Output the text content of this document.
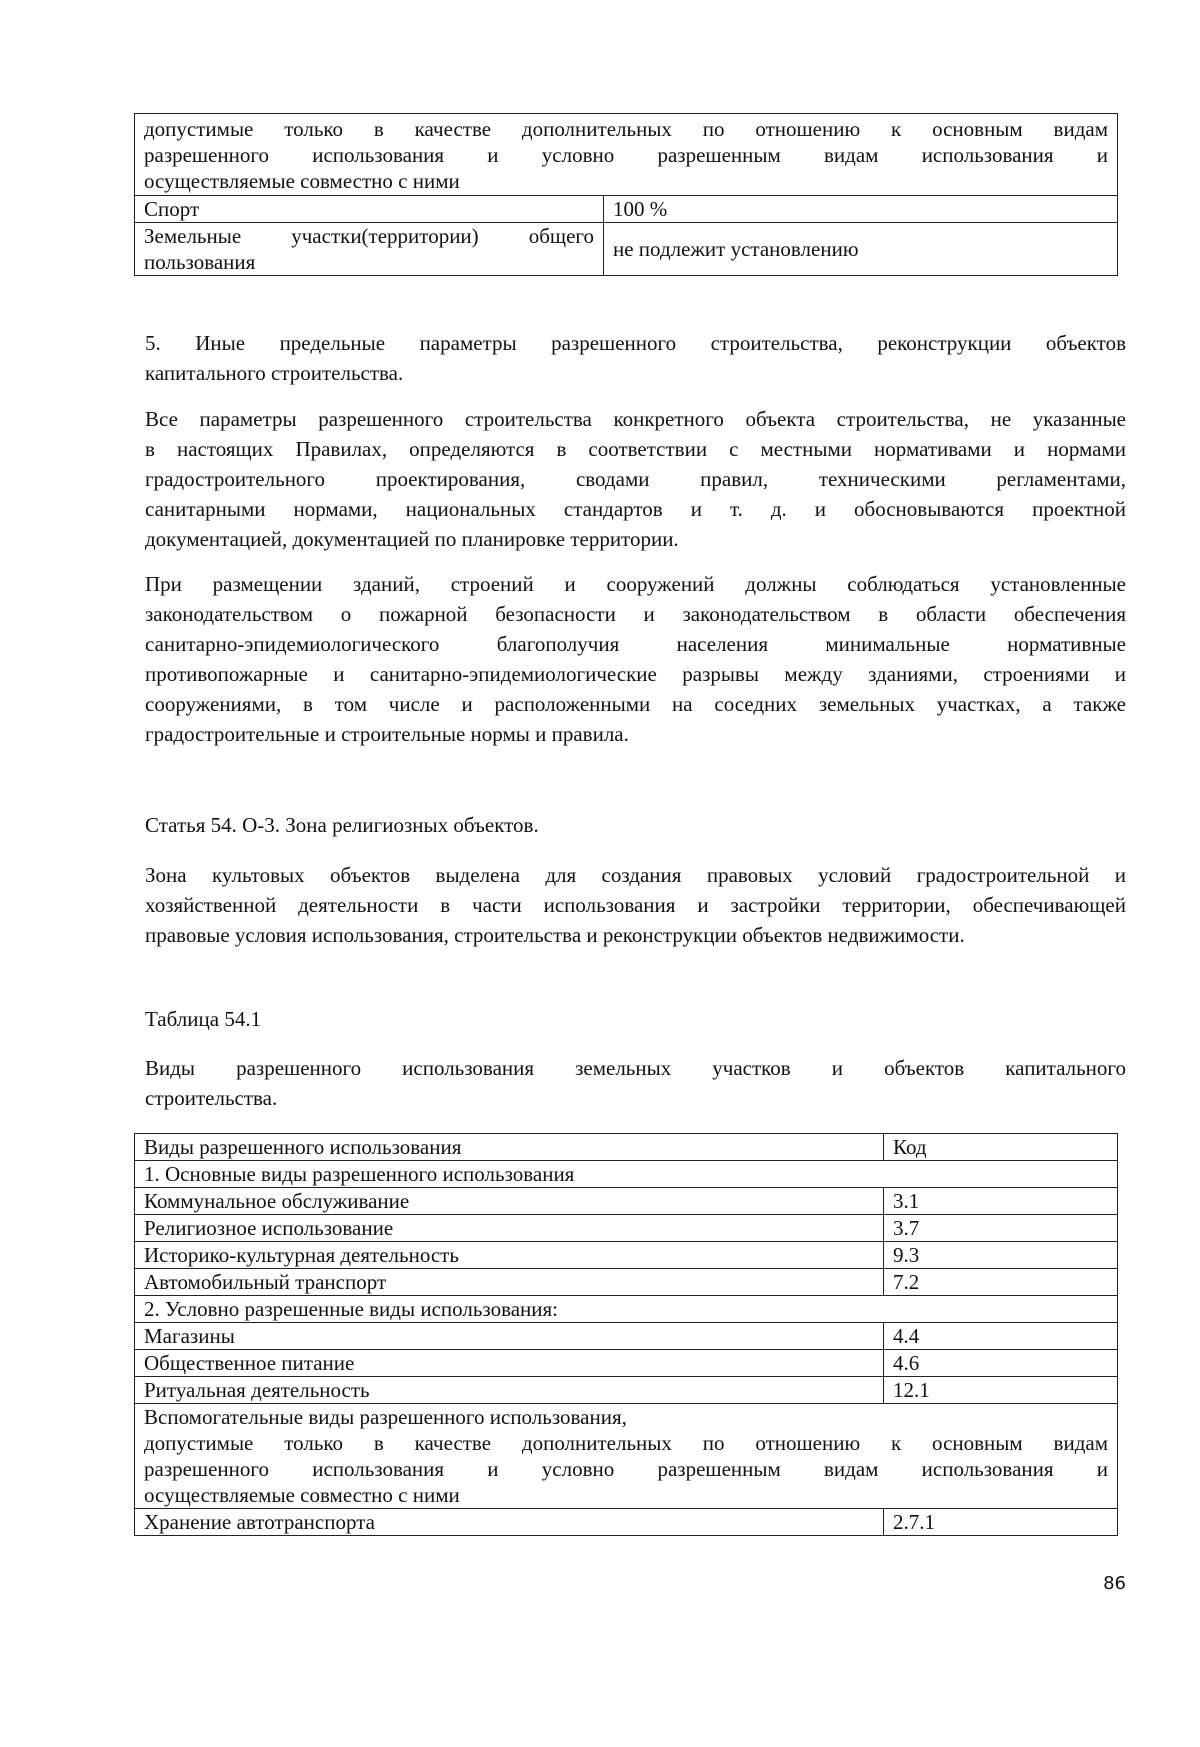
допустимые только в качестве дополнительных по отношению к основным видам
разрешенного использования и условно разрешенным видам использования и
осуществляемые совместно с ними	

Спорт	100 %

Земельные участки(территории) общего
пользования	не подлежит установлению

5. Иные предельные параметры разрешенного строительства, реконструкции объектов
капитального строительства.

Все параметры разрешенного строительства конкретного объекта строительства, не указанные
в настоящих Правилах, определяются в соответствии с местными нормативами и нормами
градостроительного проектирования, сводами правил, техническими регламентами,
санитарными нормами, национальных стандартов и т. д. и обосновываются проектной
документацией, документацией по планировке территории.

При размещении зданий, строений и сооружений должны соблюдаться установленные
законодательством о пожарной безопасности и законодательством в области обеспечения
санитарно-эпидемиологического благополучия населения минимальные нормативные
противопожарные и санитарно-эпидемиологические разрывы между зданиями, строениями и
сооружениями, в том числе и расположенными на соседних земельных участках, а также
градостроительные и строительные нормы и правила.

Статья 54. О-3. Зона религиозных объектов.

Зона культовых объектов выделена для создания правовых условий градостроительной и
хозяйственной деятельности в части использования и застройки территории, обеспечивающей
правовые условия использования, строительства и реконструкции объектов недвижимости.

Таблица 54.1

Виды разрешенного использования земельных участков и объектов капитального
строительства.

Виды разрешенного использования	Код
1. Основные виды разрешенного использования	
Коммунальное обслуживание	3.1
Религиозное использование	3.7
Историко-культурная деятельность	9.3
Автомобильный транспорт	7.2
2. Условно разрешенные виды использования:	
Магазины	4.4
Общественное питание	4.6
Ритуальная деятельность	12.1

Вспомогательные виды разрешенного использования,
допустимые только в качестве дополнительных по отношению к основным видам
разрешенного использования и условно разрешенным видам использования и
осуществляемые совместно с ними	

Хранение автотранспорта	2.7.1
86
